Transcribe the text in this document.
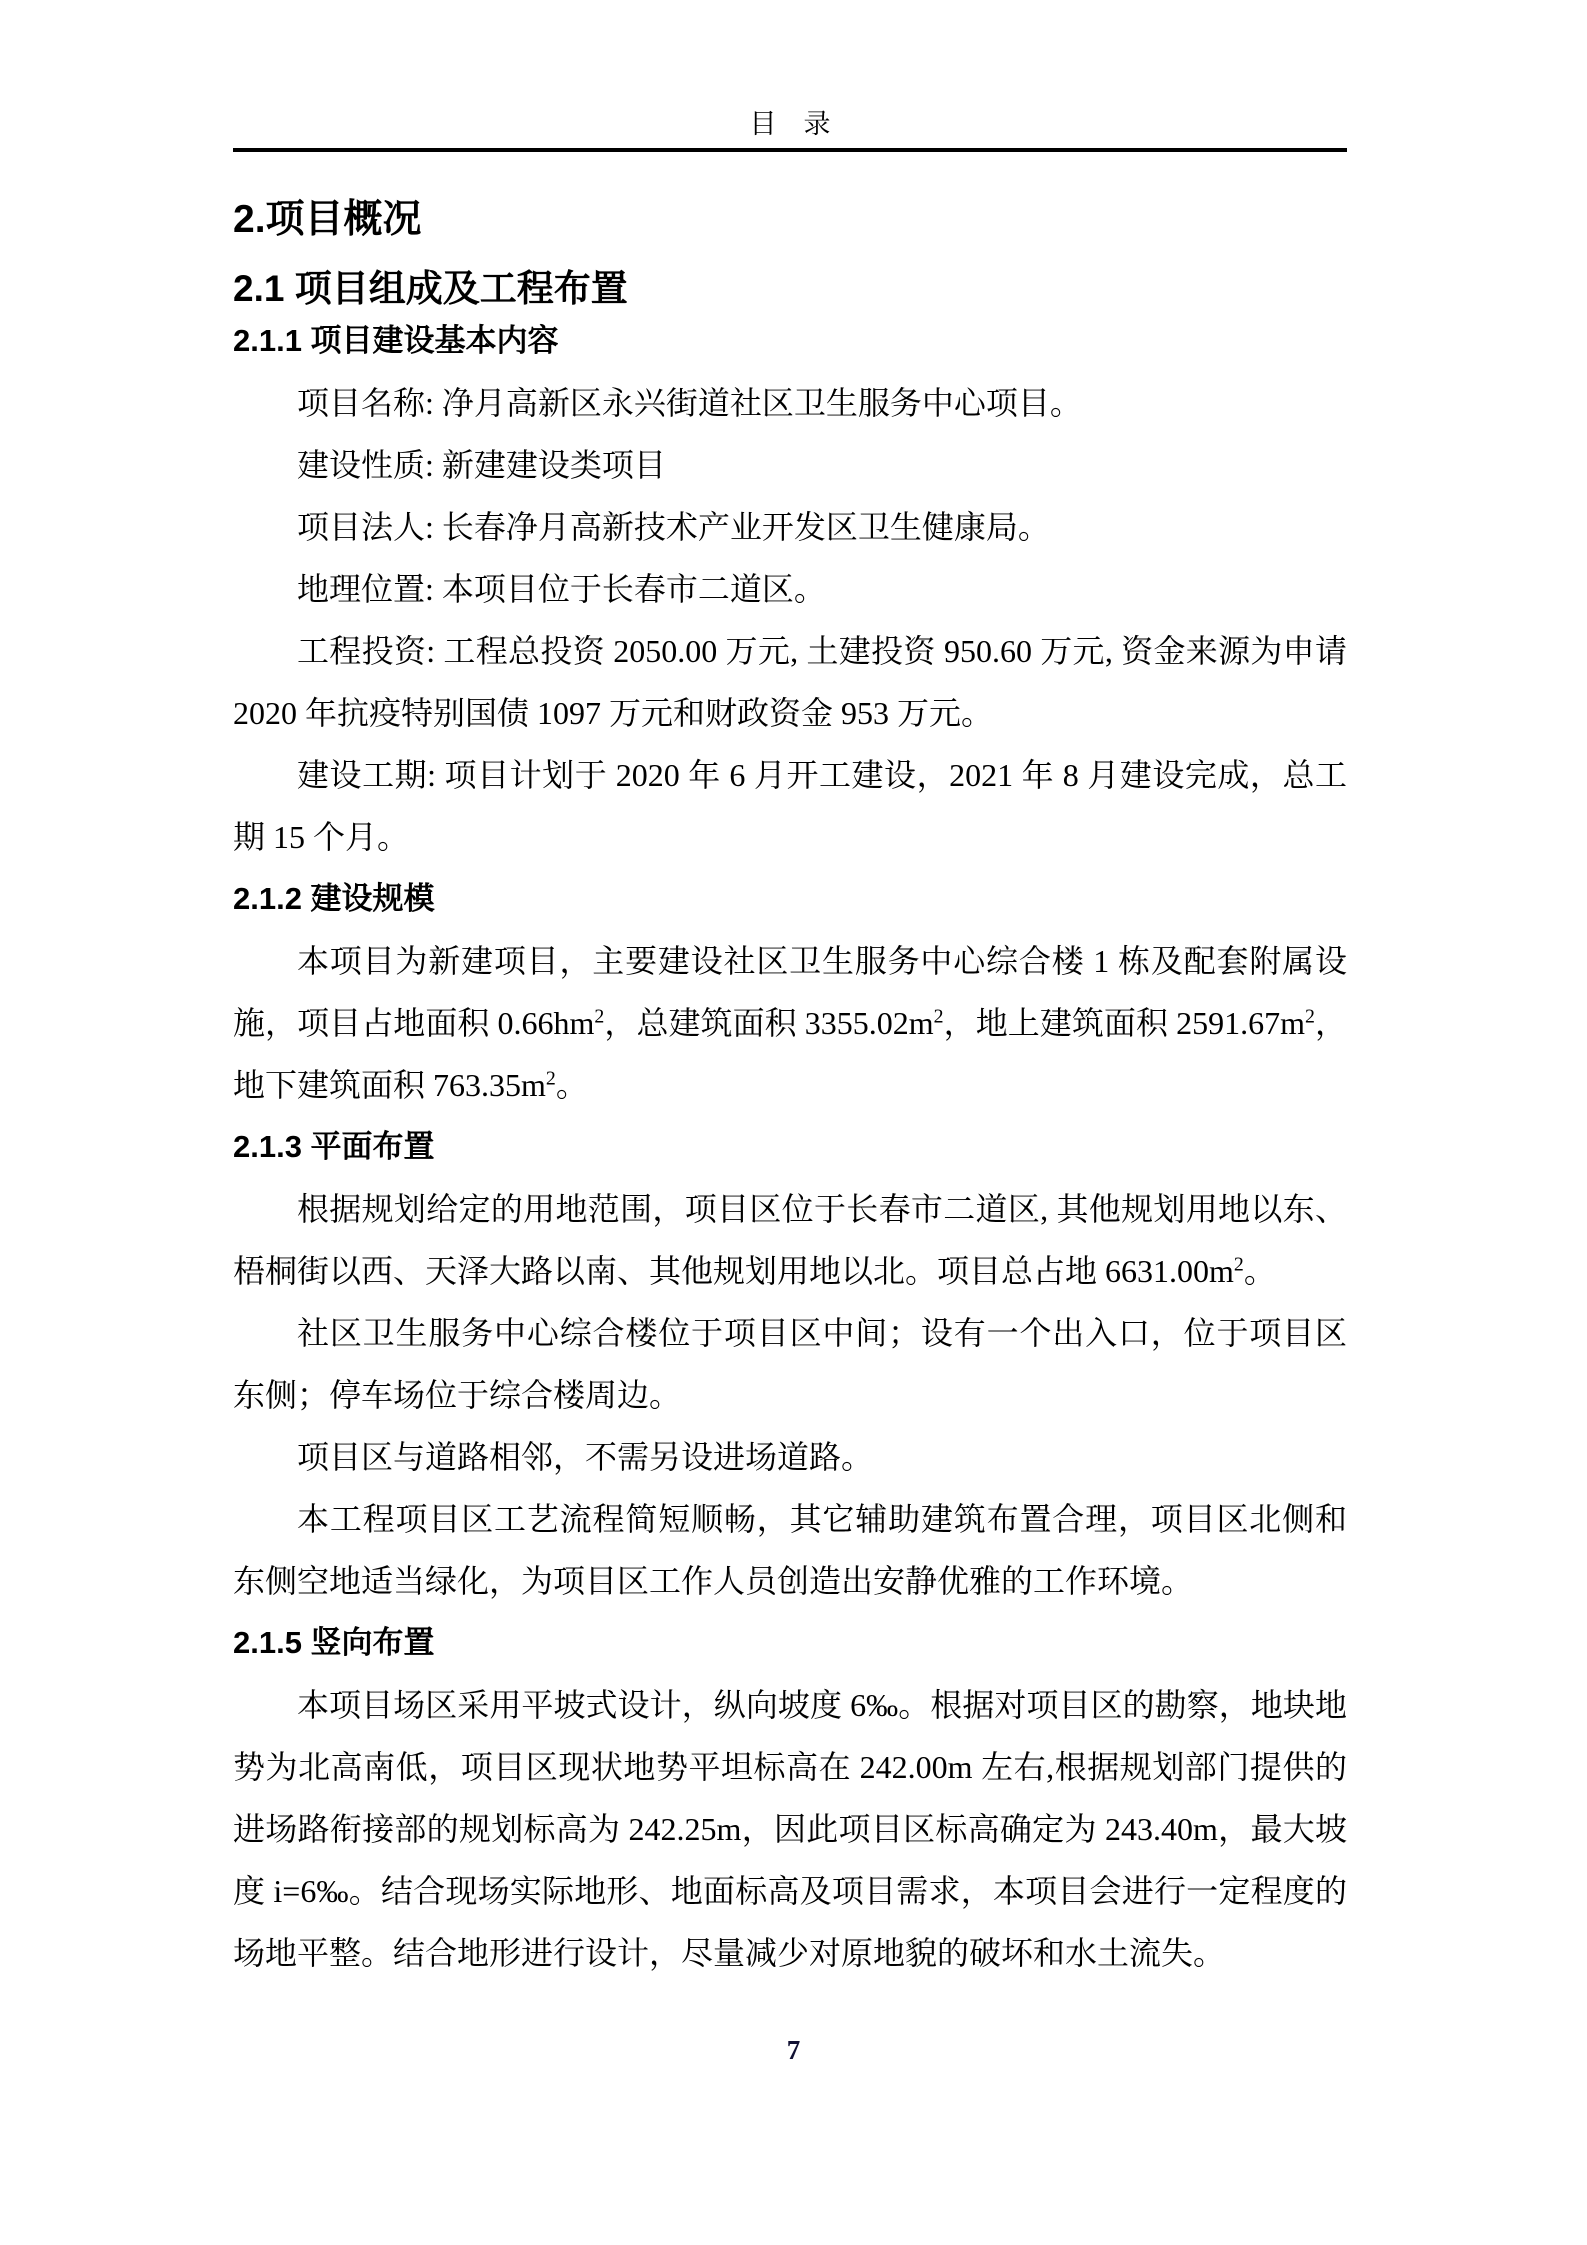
目　录
2.项目概况
2.1 项目组成及工程布置
2.1.1 项目建设基本内容

项目名称: 净月高新区永兴街道社区卫生服务中心项目。

建设性质: 新建建设类项目

项目法人: 长春净月高新技术产业开发区卫生健康局。

地理位置: 本项目位于长春市二道区。

工程投资: 工程总投资 2050.00 万元, 土建投资 950.60 万元, 资金来源为申请 2020 年抗疫特别国债 1097 万元和财政资金 953 万元。

建设工期: 项目计划于 2020 年 6 月开工建设，2021 年 8 月建设完成，总工期 15 个月。

2.1.2 建设规模

本项目为新建项目，主要建设社区卫生服务中心综合楼 1 栋及配套附属设施，项目占地面积 $0.66hm^2$，总建筑面积 $3355.02m^2$，地上建筑面积 $2591.67m^2$，地下建筑面积 $763.35m^2$。

2.1.3 平面布置

根据规划给定的用地范围，项目区位于长春市二道区, 其他规划用地以东、梧桐街以西、天泽大路以南、其他规划用地以北。项目总占地 $6631.00m^2$。

社区卫生服务中心综合楼位于项目区中间；设有一个出入口，位于项目区东侧；停车场位于综合楼周边。

项目区与道路相邻，不需另设进场道路。

本工程项目区工艺流程简短顺畅，其它辅助建筑布置合理，项目区北侧和东侧空地适当绿化，为项目区工作人员创造出安静优雅的工作环境。

2.1.5 竖向布置

本项目场区采用平坡式设计，纵向坡度 6‰。根据对项目区的勘察，地块地势为北高南低，项目区现状地势平坦标高在 242.00m 左右,根据规划部门提供的进场路衔接部的规划标高为 242.25m，因此项目区标高确定为 243.40m，最大坡度 i=6‰。结合现场实际地形、地面标高及项目需求，本项目会进行一定程度的场地平整。结合地形进行设计，尽量减少对原地貌的破坏和水土流失。

7
